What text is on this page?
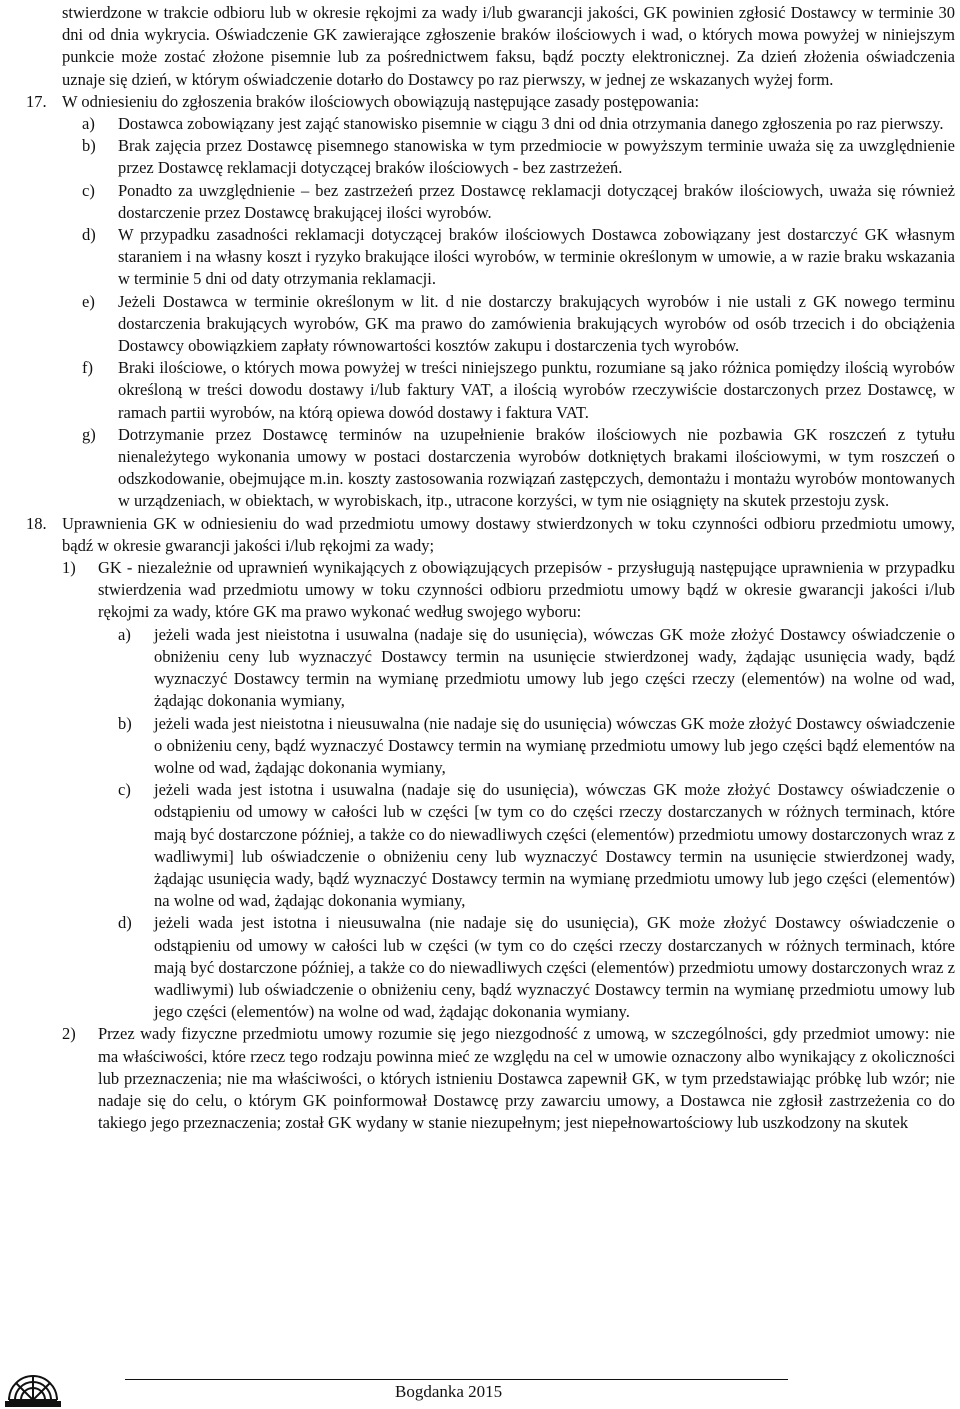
stwierdzone w trakcie odbioru lub w okresie rękojmi za wady i/lub gwarancji jakości, GK powinien zgłosić Dostawcy w terminie 30 dni od dnia wykrycia. Oświadczenie GK zawierające zgłoszenie braków ilościowych i wad, o których mowa powyżej w niniejszym punkcie może zostać złożone pisemnie lub za pośrednictwem faksu, bądź poczty elektronicznej. Za dzień złożenia oświadczenia uznaje się dzień, w którym oświadczenie dotarło do Dostawcy po raz pierwszy, w jednej ze wskazanych wyżej form.
17. W odniesieniu do zgłoszenia braków ilościowych obowiązują następujące zasady postępowania:
a) Dostawca zobowiązany jest zająć stanowisko pisemnie w ciągu 3 dni od dnia otrzymania danego zgłoszenia po raz pierwszy.
b) Brak zajęcia przez Dostawcę pisemnego stanowiska w tym przedmiocie w powyższym terminie uważa się za uwzględnienie przez Dostawcę reklamacji dotyczącej braków ilościowych - bez zastrzeżeń.
c) Ponadto za uwzględnienie – bez zastrzeżeń przez Dostawcę reklamacji dotyczącej braków ilościowych, uważa się również dostarczenie przez Dostawcę brakującej ilości wyrobów.
d) W przypadku zasadności reklamacji dotyczącej braków ilościowych Dostawca zobowiązany jest dostarczyć GK własnym staraniem i na własny koszt i ryzyko brakujące ilości wyrobów, w terminie określonym w umowie, a w razie braku wskazania w terminie 5 dni od daty otrzymania reklamacji.
e) Jeżeli Dostawca w terminie określonym w lit. d nie dostarczy brakujących wyrobów i nie ustali z GK nowego terminu dostarczenia brakujących wyrobów, GK ma prawo do zamówienia brakujących wyrobów od osób trzecich i do obciążenia Dostawcy obowiązkiem zapłaty równowartości kosztów zakupu i dostarczenia tych wyrobów.
f) Braki ilościowe, o których mowa powyżej w treści niniejszego punktu, rozumiane są jako różnica pomiędzy ilością wyrobów określoną w treści dowodu dostawy i/lub faktury VAT, a ilością wyrobów rzeczywiście dostarczonych przez Dostawcę, w ramach partii wyrobów, na którą opiewa dowód dostawy i faktura VAT.
g) Dotrzymanie przez Dostawcę terminów na uzupełnienie braków ilościowych nie pozbawia GK roszczeń z tytułu nienależytego wykonania umowy w postaci dostarczenia wyrobów dotkniętych brakami ilościowymi, w tym roszczeń o odszkodowanie, obejmujące m.in. koszty zastosowania rozwiązań zastępczych, demontażu i montażu wyrobów montowanych w urządzeniach, w obiektach, w wyrobiskach, itp., utracone korzyści, w tym nie osiągnięty na skutek przestoju zysk.
18. Uprawnienia GK w odniesieniu do wad przedmiotu umowy dostawy stwierdzonych w toku czynności odbioru przedmiotu umowy, bądź w okresie gwarancji jakości i/lub rękojmi za wady;
1) GK - niezależnie od uprawnień wynikających z obowiązujących przepisów - przysługują następujące uprawnienia w przypadku stwierdzenia wad przedmiotu umowy w toku czynności odbioru przedmiotu umowy bądź w okresie gwarancji jakości i/lub rękojmi za wady, które GK ma prawo wykonać według swojego wyboru:
a) jeżeli wada jest nieistotna i usuwalna (nadaje się do usunięcia), wówczas GK może złożyć Dostawcy oświadczenie o obniżeniu ceny lub wyznaczyć Dostawcy termin na usunięcie stwierdzonej wady, żądając usunięcia wady, bądź wyznaczyć Dostawcy termin na wymianę przedmiotu umowy lub jego części rzeczy (elementów) na wolne od wad, żądając dokonania wymiany,
b) jeżeli wada jest nieistotna i nieusuwalna (nie nadaje się do usunięcia) wówczas GK może złożyć Dostawcy oświadczenie o obniżeniu ceny, bądź wyznaczyć Dostawcy termin na wymianę przedmiotu umowy lub jego części bądź elementów na wolne od wad, żądając dokonania wymiany,
c) jeżeli wada jest istotna i usuwalna (nadaje się do usunięcia), wówczas GK może złożyć Dostawcy oświadczenie o odstąpieniu od umowy w całości lub w części [w tym co do części rzeczy dostarczanych w różnych terminach, które mają być dostarczone później, a także co do niewadliwych części (elementów) przedmiotu umowy dostarczonych wraz z wadliwymi] lub oświadczenie o obniżeniu ceny lub wyznaczyć Dostawcy termin na usunięcie stwierdzonej wady, żądając usunięcia wady, bądź wyznaczyć Dostawcy termin na wymianę przedmiotu umowy lub jego części (elementów) na wolne od wad, żądając dokonania wymiany,
d) jeżeli wada jest istotna i nieusuwalna (nie nadaje się do usunięcia), GK może złożyć Dostawcy oświadczenie o odstąpieniu od umowy w całości lub w części (w tym co do części rzeczy dostarczanych w różnych terminach, które mają być dostarczone później, a także co do niewadliwych części (elementów) przedmiotu umowy dostarczonych wraz z wadliwymi) lub oświadczenie o obniżeniu ceny, bądź wyznaczyć Dostawcy termin na wymianę przedmiotu umowy lub jego części (elementów) na wolne od wad, żądając dokonania wymiany.
2) Przez wady fizyczne przedmiotu umowy rozumie się jego niezgodność z umową, w szczególności, gdy przedmiot umowy: nie ma właściwości, które rzecz tego rodzaju powinna mieć ze względu na cel w umowie oznaczony albo wynikający z okoliczności lub przeznaczenia; nie ma właściwości, o których istnieniu Dostawca zapewnił GK, w tym przedstawiając próbkę lub wzór; nie nadaje się do celu, o którym GK poinformował Dostawcę przy zawarciu umowy, a Dostawca nie zgłosił zastrzeżenia co do takiego jego przeznaczenia; został GK wydany w stanie niezupełnym; jest niepełnowartościowy lub uszkodzony na skutek
Bogdanka 2015
